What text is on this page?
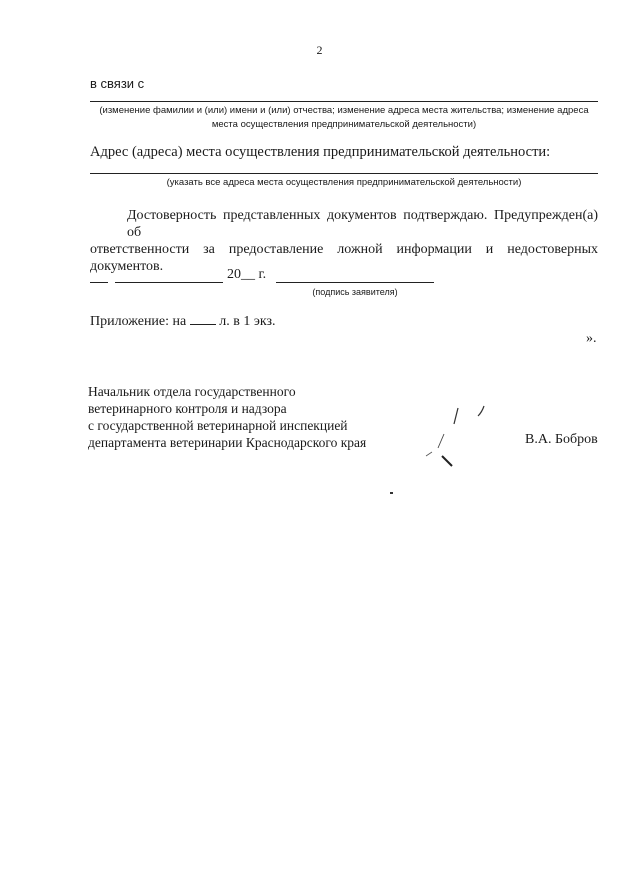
2
в связи с
(изменение фамилии и (или) имени и (или) отчества; изменение адреса места жительства; изменение адреса
места осуществления предпринимательской деятельности)
Адрес (адреса) места осуществления предпринимательской деятельности:
(указать все адреса места осуществления предпринимательской деятельности)
Достоверность представленных документов подтверждаю. Предупрежден(а) об
ответственности за предоставление ложной информации и недостоверных
документов.
20__ г.
(подпись заявителя)
Приложение: на л. в 1 экз.
».
Начальник отдела государственного
ветеринарного контроля и надзора
с государственной ветеринарной инспекцией
департамента ветеринарии Краснодарского края	В.А. Бобров
